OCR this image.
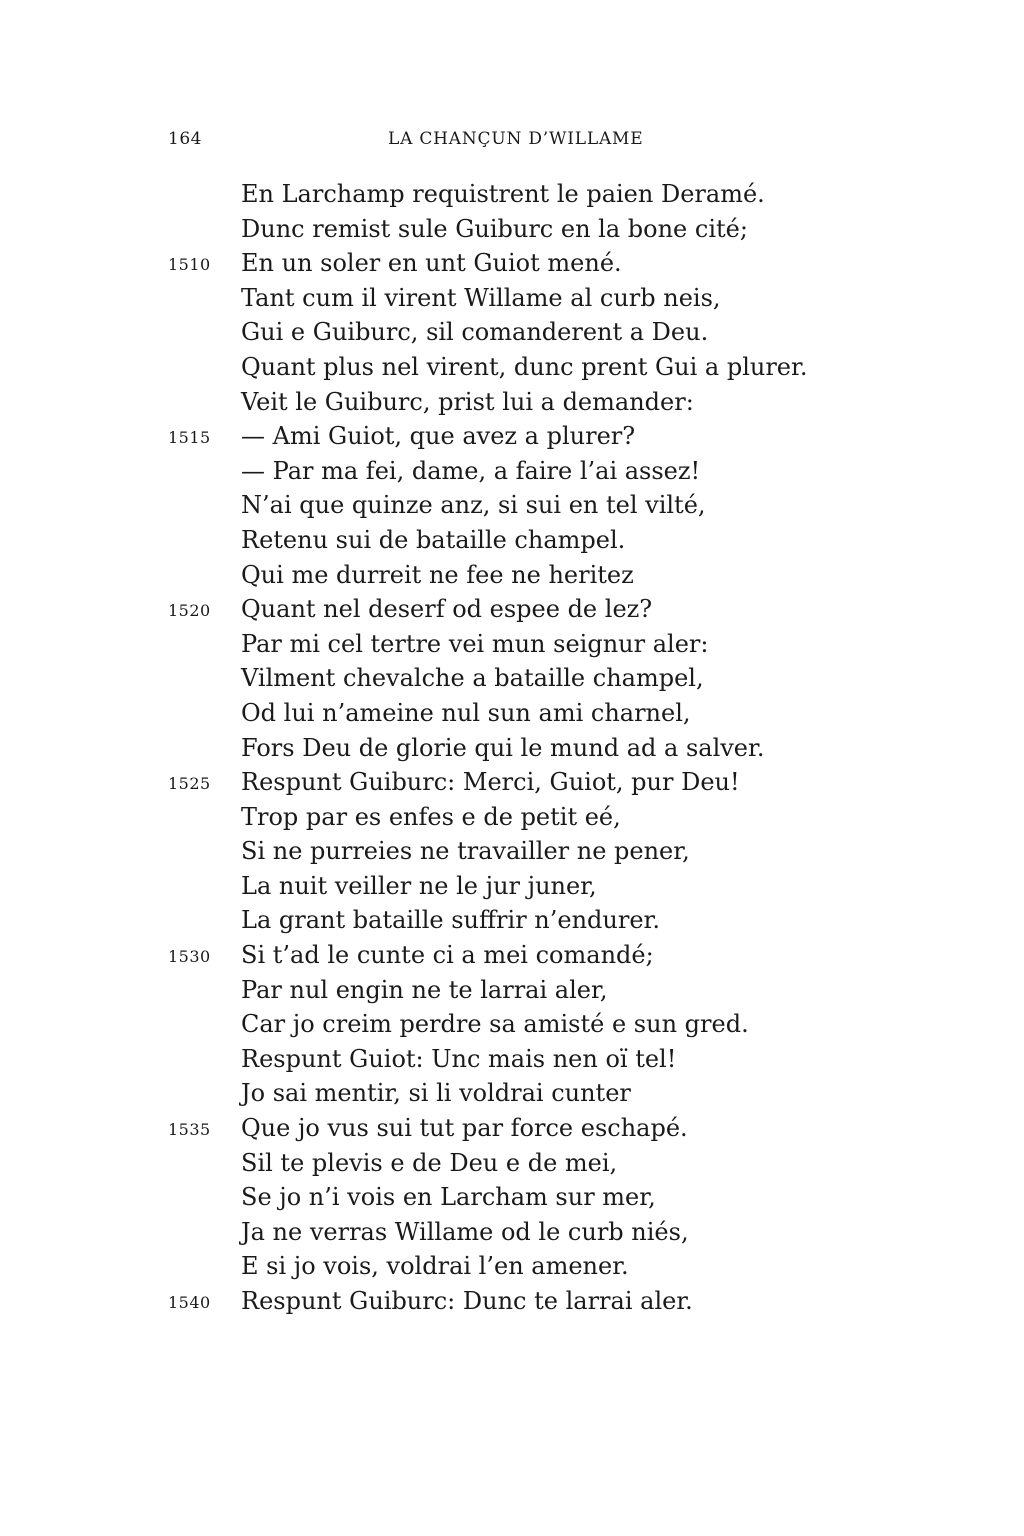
164	LA CHANÇUN D’WILLAME
En Larchamp requistrent le paien Deramé.
Dunc remist sule Guiburc en la bone cité;
1510 En un soler en unt Guiot mené.
Tant cum il virent Willame al curb neis,
Gui e Guiburc, sil comanderent a Deu.
Quant plus nel virent, dunc prent Gui a plurer.
Veit le Guiburc, prist lui a demander:
1515 — Ami Guiot, que avez a plurer?
— Par ma fei, dame, a faire l’ai assez!
N’ai que quinze anz, si sui en tel vilté,
Retenu sui de bataille champel.
Qui me durreit ne fee ne heritez
1520 Quant nel deserf od espee de lez?
Par mi cel tertre vei mun seignur aler:
Vilment chevalche a bataille champel,
Od lui n’ameine nul sun ami charnel,
Fors Deu de glorie qui le mund ad a salver.
1525 Respunt Guiburc: Merci, Guiot, pur Deu!
Trop par es enfes e de petit eé,
Si ne purreies ne travailler ne pener,
La nuit veiller ne le jur juner,
La grant bataille suffrir n’endurer.
1530 Si t’ad le cunte ci a mei comandé;
Par nul engin ne te larrai aler,
Car jo creim perdre sa amisté e sun gred.
Respunt Guiot: Unc mais nen oï tel!
Jo sai mentir, si li voldrai cunter
1535 Que jo vus sui tut par force eschapé.
Sil te plevis e de Deu e de mei,
Se jo n’i vois en Larcham sur mer,
Ja ne verras Willame od le curb niés,
E si jo vois, voldrai l’en amener.
1540 Respunt Guiburc: Dunc te larrai aler.
